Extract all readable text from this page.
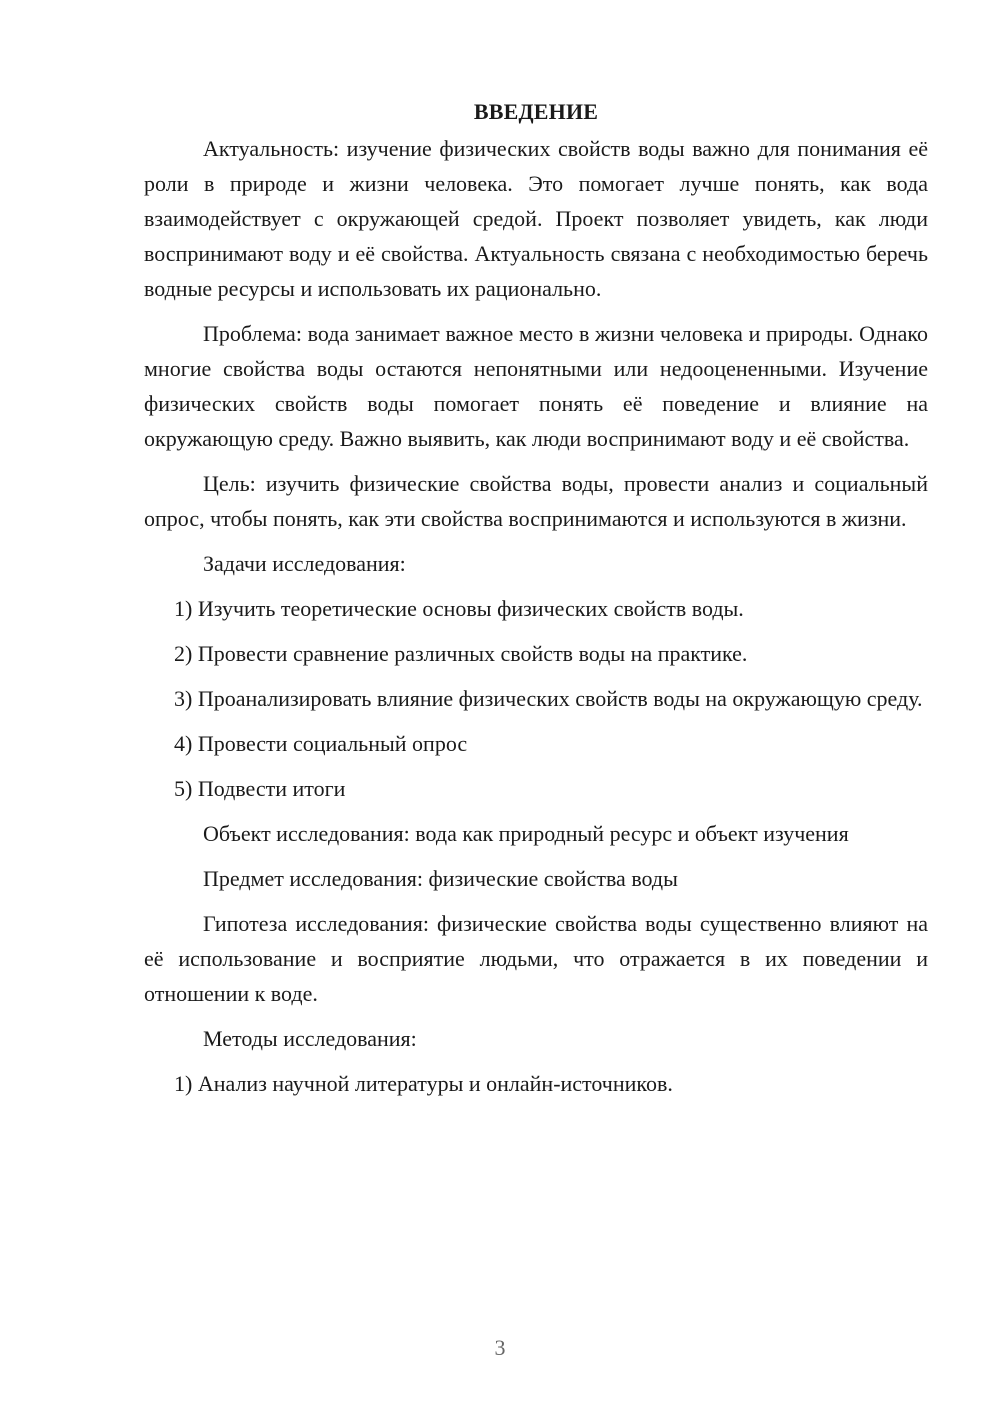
ВВЕДЕНИЕ

Актуальность: изучение физических свойств воды важно для понимания её роли в природе и жизни человека. Это помогает лучше понять, как вода взаимодействует с окружающей средой. Проект позволяет увидеть, как люди воспринимают воду и её свойства. Актуальность связана с необходимостью беречь водные ресурсы и использовать их рационально.

Проблема: вода занимает важное место в жизни человека и природы. Однако многие свойства воды остаются непонятными или недооцененными. Изучение физических свойств воды помогает понять её поведение и влияние на окружающую среду. Важно выявить, как люди воспринимают воду и её свойства.

Цель: изучить физические свойства воды, провести анализ и социальный опрос, чтобы понять, как эти свойства воспринимаются и используются в жизни.

Задачи исследования:

1) Изучить теоретические основы физических свойств воды.

2) Провести сравнение различных свойств воды на практике.

3) Проанализировать влияние физических свойств воды на окружающую среду.

4) Провести социальный опрос

5) Подвести итоги

Объект исследования: вода как природный ресурс и объект изучения

Предмет исследования: физические свойства воды

Гипотеза исследования: физические свойства воды существенно влияют на её использование и восприятие людьми, что отражается в их поведении и отношении к воде.

Методы исследования:

1) Анализ научной литературы и онлайн-источников.

3
